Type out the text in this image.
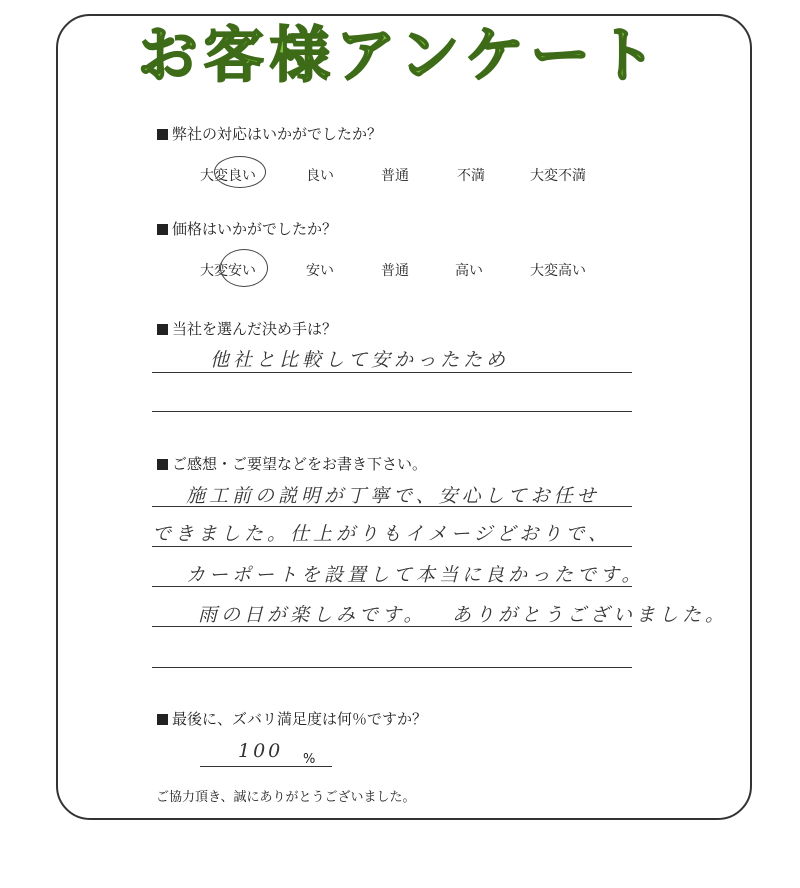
お客様アンケート
弊社の対応はいかがでしたか？
大変良い	良い	普通	不満	大変不満
価格はいかがでしたか？
大変安い	安い	普通	高い	大変高い
当社を選んだ決め手は？
他社と比較して安かったため
ご感想・ご要望などをお書き下さい。
施工前の説明が丁寧で、安心してお任せ
できました。仕上がりもイメージどおりで、
カーポートを設置して本当に良かったです。
雨の日が楽しみです。 ありがとうございました。
最後に、ズバリ満足度は何％ですか？
100 %
ご協力頂き、誠にありがとうございました。
